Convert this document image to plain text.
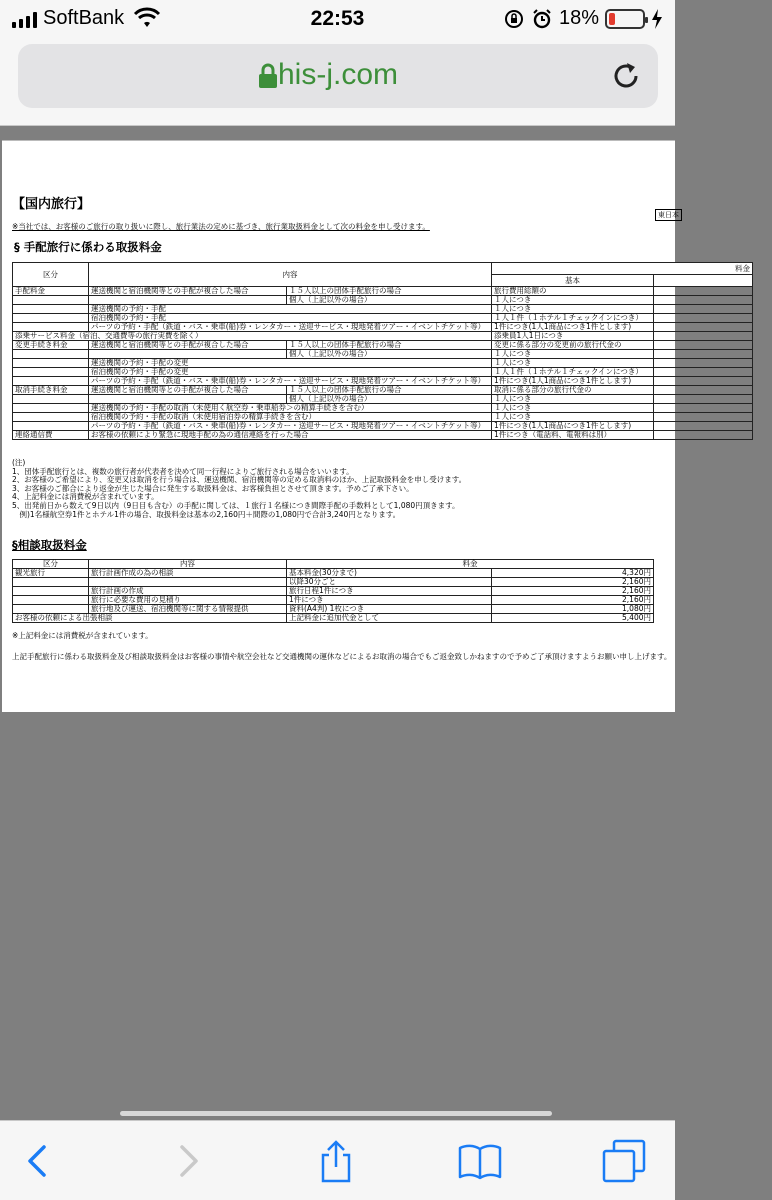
SoftBank	22:53	18%
his-j.com
【国内旅行】
東日本
※当社では、お客様のご旅行の取り扱いに際し、旅行業法の定めに基づき、旅行業取扱料金として次の料金を申し受けます。
§ 手配旅行に係わる取扱料金
区分	内容		料金	
			基本	
手配料金	運送機関と宿泊機関等との手配が複合した場合	１５人以上の団体手配旅行の場合	旅行費用総額の	
		個人（上記以外の場合）	１人につき	
	運送機関の予約・手配		１人につき	
	宿泊機関の予約・手配		１人１件（１ホテル１チェックインにつき）	
	パーツの予約・手配（鉄道・バス・乗車(船)券・レンタカー・送迎サービス・現地発着ツアー・イベントチケット等）		1件につき(1人1商品につき1件とします)	
添乗サービス料金（宿泊、交通費等の旅行実費を除く）			添乗員1人1日につき	
変更手続き料金	運送機関と宿泊機関等との手配が複合した場合	１５人以上の団体手配旅行の場合	変更に係る部分の変更前の旅行代金の	
		個人（上記以外の場合）	１人につき	
	運送機関の予約・手配の変更		１人につき	
	宿泊機関の予約・手配の変更		１人１件（１ホテル１チェックインにつき）	
	パーツの予約・手配（鉄道・バス・乗車(船)券・レンタカー・送迎サービス・現地発着ツアー・イベントチケット等）		1件につき(1人1商品につき1件とします)	
取消手続き料金	運送機関と宿泊機関等との手配が複合した場合	１５人以上の団体手配旅行の場合	取消に係る部分の旅行代金の	
		個人（上記以外の場合）	１人につき	
	運送機関の予約・手配の取消（未使用く航空券・乗車船券＞の精算手続きを含む）		１人につき	
	宿泊機関の予約・手配の取消（未使用宿泊券の精算手続きを含む）		１人につき	
	パーツの予約・手配（鉄道・バス・乗車(船)券・レンタカー・送迎サービス・現地発着ツアー・イベントチケット等）		1件につき(1人1商品につき1件とします)	
連絡通信費	お客様の依頼により緊急に現地手配の為の通信連絡を行った場合		1件につき（電話料、電報料は別）	
(注)
1、団体手配旅行とは、複数の旅行者が代表者を決めて同一行程によりご旅行される場合をいいます。
2、お客様のご希望により、変更又は取消を行う場合は、運送機関、宿泊機関等の定める取消料のほか、上記取扱料金を申し受けます。
3、お客様のご都合により返金が生じた場合に発生する取扱料金は、お客様負担とさせて頂きます。予めご了承下さい。
4、上記料金には消費税が含まれています。
5、出発前日から数えて9日以内（9日目も含む）の手配に関しては、１旅行１名様につき間際手配の手数料として1,080円頂きます。
　例)1名様航空券1件とホテル1件の場合、取扱料金は基本の2,160円＋間際の1,080円で合計3,240円となります。
§相談取扱料金
区分	内容	料金	
観光旅行	旅行計画作成の為の相談	基本料金(30分まで)	4,320円
		以降30分ごと	2,160円
	旅行計画の作成	旅行日程1件につき	2,160円
	旅行に必要な費用の見積り	1件につき	2,160円
	旅行地及び運送、宿泊機関等に関する情報提供	資料(A4判) 1枚につき	1,080円
お客様の依頼による出張相談		上記料金に追加代金として	5,400円
※上記料金には消費税が含まれています。
上記手配旅行に係わる取扱料金及び相談取扱料金はお客様の事情や航空会社など交通機関の運休などによるお取消の場合でもご返金致しかねますので予めご了承頂けますようお願い申し上げます。
